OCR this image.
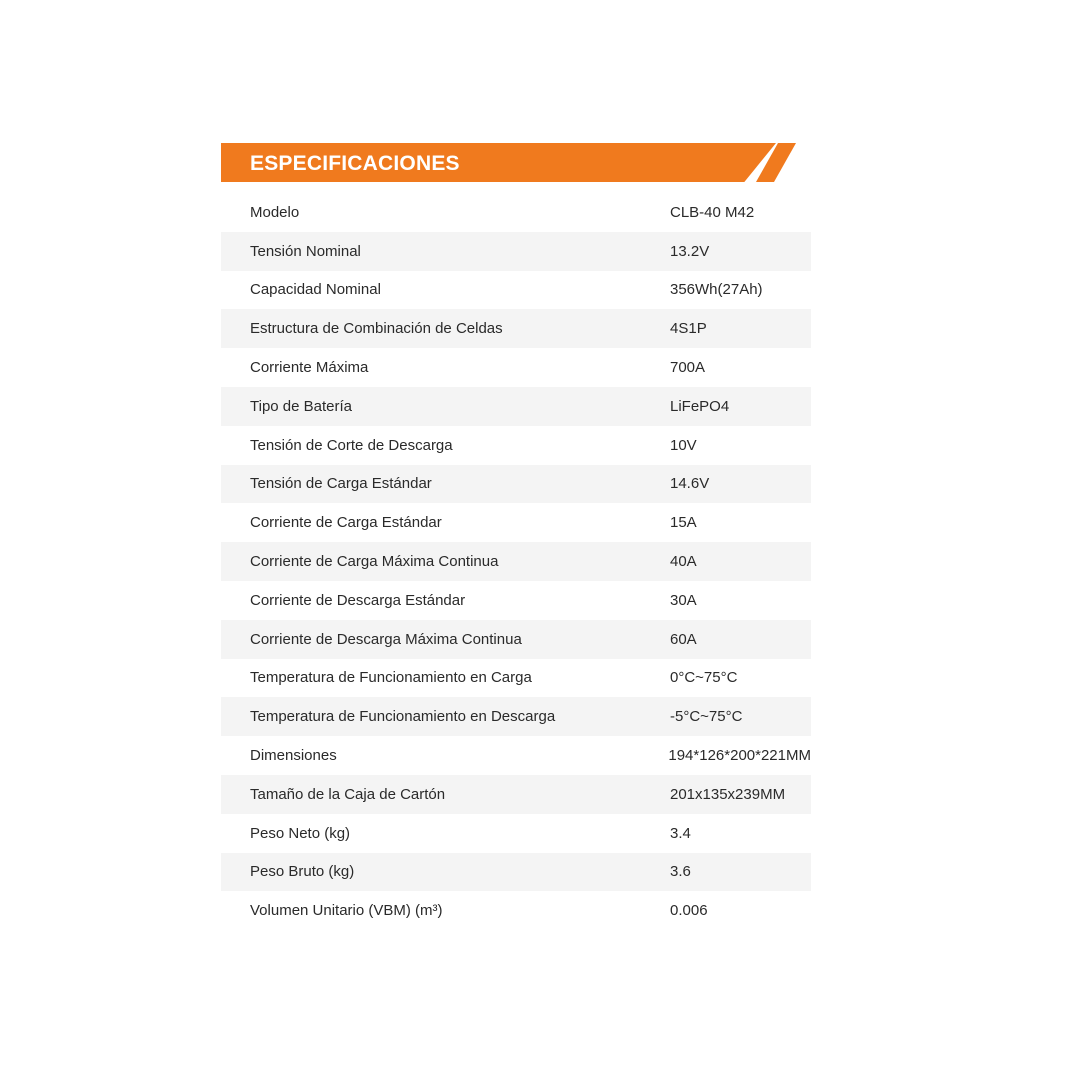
ESPECIFICACIONES
Modelo	CLB-40 M42
Tensión Nominal	13.2V
Capacidad Nominal	356Wh(27Ah)
Estructura de Combinación de Celdas	4S1P
Corriente Máxima	700A
Tipo de Batería	LiFePO4
Tensión de Corte de Descarga	10V
Tensión de Carga Estándar	14.6V
Corriente de Carga Estándar	15A
Corriente de Carga Máxima Continua	40A
Corriente de Descarga Estándar	30A
Corriente de Descarga Máxima Continua	60A
Temperatura de Funcionamiento en Carga	0°C~75°C
Temperatura de Funcionamiento en Descarga	-5°C~75°C
Dimensiones	194*126*200*221MM
Tamaño de la Caja de Cartón	201x135x239MM
Peso Neto (kg)	3.4
Peso Bruto (kg)	3.6
Volumen Unitario (VBM) (m³)	0.006
